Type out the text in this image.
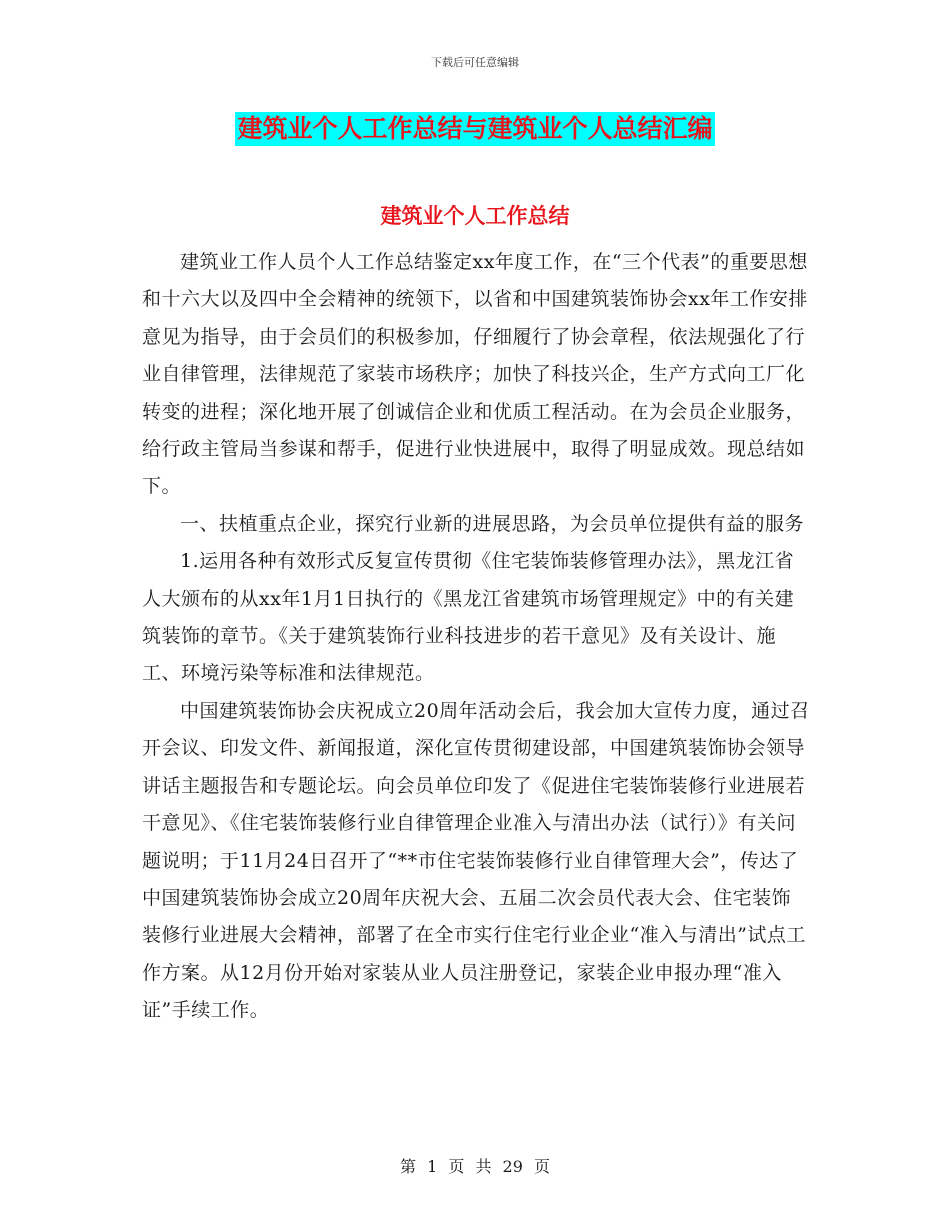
下载后可任意编辑
建筑业个人工作总结与建筑业个人总结汇编
建筑业个人工作总结

建筑业工作人员个人工作总结鉴定xx年度工作，在“三个代表”的重要思想和十六大以及四中全会精神的统领下，以省和中国建筑装饰协会xx年工作安排意见为指导，由于会员们的积极参加，仔细履行了协会章程，依法规强化了行业自律管理，法律规范了家装市场秩序；加快了科技兴企，生产方式向工厂化转变的进程；深化地开展了创诚信企业和优质工程活动。在为会员企业服务，给行政主管局当参谋和帮手，促进行业快进展中，取得了明显成效。现总结如下。

一、扶植重点企业，探究行业新的进展思路，为会员单位提供有益的服务

1.运用各种有效形式反复宣传贯彻《住宅装饰装修管理办法》，黑龙江省人大颁布的从xx年1月1日执行的《黑龙江省建筑市场管理规定》中的有关建筑装饰的章节。《关于建筑装饰行业科技进步的若干意见》及有关设计、施工、环境污染等标准和法律规范。

中国建筑装饰协会庆祝成立20周年活动会后，我会加大宣传力度，通过召开会议、印发文件、新闻报道，深化宣传贯彻建设部，中国建筑装饰协会领导讲话主题报告和专题论坛。向会员单位印发了《促进住宅装饰装修行业进展若干意见》、《住宅装饰装修行业自律管理企业准入与清出办法（试行）》有关问题说明；于11月24日召开了“**市住宅装饰装修行业自律管理大会”，传达了中国建筑装饰协会成立20周年庆祝大会、五届二次会员代表大会、住宅装饰装修行业进展大会精神，部署了在全市实行住宅行业企业“准入与清出”试点工作方案。从12月份开始对家装从业人员注册登记，家装企业申报办理“准入证”手续工作。

第 1 页 共 29 页
